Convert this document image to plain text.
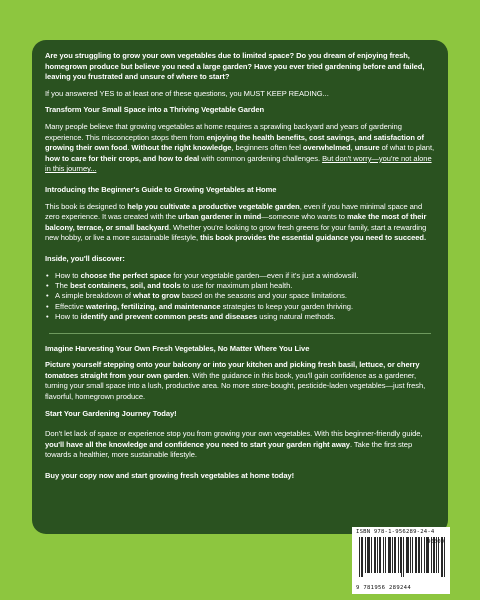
Are you struggling to grow your own vegetables due to limited space? Do you dream of enjoying fresh, homegrown produce but believe you need a large garden? Have you ever tried gardening before and failed, leaving you frustrated and unsure of where to start?

If you answered YES to at least one of these questions, you MUST KEEP READING...

Transform Your Small Space into a Thriving Vegetable Garden

Many people believe that growing vegetables at home requires a sprawling backyard and years of gardening experience. This misconception stops them from enjoying the health benefits, cost savings, and satisfaction of growing their own food. Without the right knowledge, beginners often feel overwhelmed, unsure of what to plant, how to care for their crops, and how to deal with common gardening challenges. But don't worry—you're not alone in this journey...

Introducing the Beginner's Guide to Growing Vegetables at Home

This book is designed to help you cultivate a productive vegetable garden, even if you have minimal space and zero experience. It was created with the urban gardener in mind—someone who wants to make the most of their balcony, terrace, or small backyard. Whether you're looking to grow fresh greens for your family, start a rewarding new hobby, or live a more sustainable lifestyle, this book provides the essential guidance you need to succeed.

Inside, you'll discover:

• How to choose the perfect space for your vegetable garden—even if it's just a windowsill.
• The best containers, soil, and tools to use for maximum plant health.
• A simple breakdown of what to grow based on the seasons and your space limitations.
• Effective watering, fertilizing, and maintenance strategies to keep your garden thriving.
• How to identify and prevent common pests and diseases using natural methods.

Imagine Harvesting Your Own Fresh Vegetables, No Matter Where You Live

Picture yourself stepping onto your balcony or into your kitchen and picking fresh basil, lettuce, or cherry tomatoes straight from your own garden. With the guidance in this book, you'll gain confidence as a gardener, turning your small space into a lush, productive area. No more store-bought, pesticide-laden vegetables—just fresh, flavorful, homegrown produce.

Start Your Gardening Journey Today!

Don't let lack of space or experience stop you from growing your own vegetables. With this beginner-friendly guide, you'll have all the knowledge and confidence you need to start your garden right away. Take the first step towards a healthier, more sustainable lifestyle.

Buy your copy now and start growing fresh vegetables at home today!

ISBN 978-1-956289-24-4
90000
9 781956 289244
